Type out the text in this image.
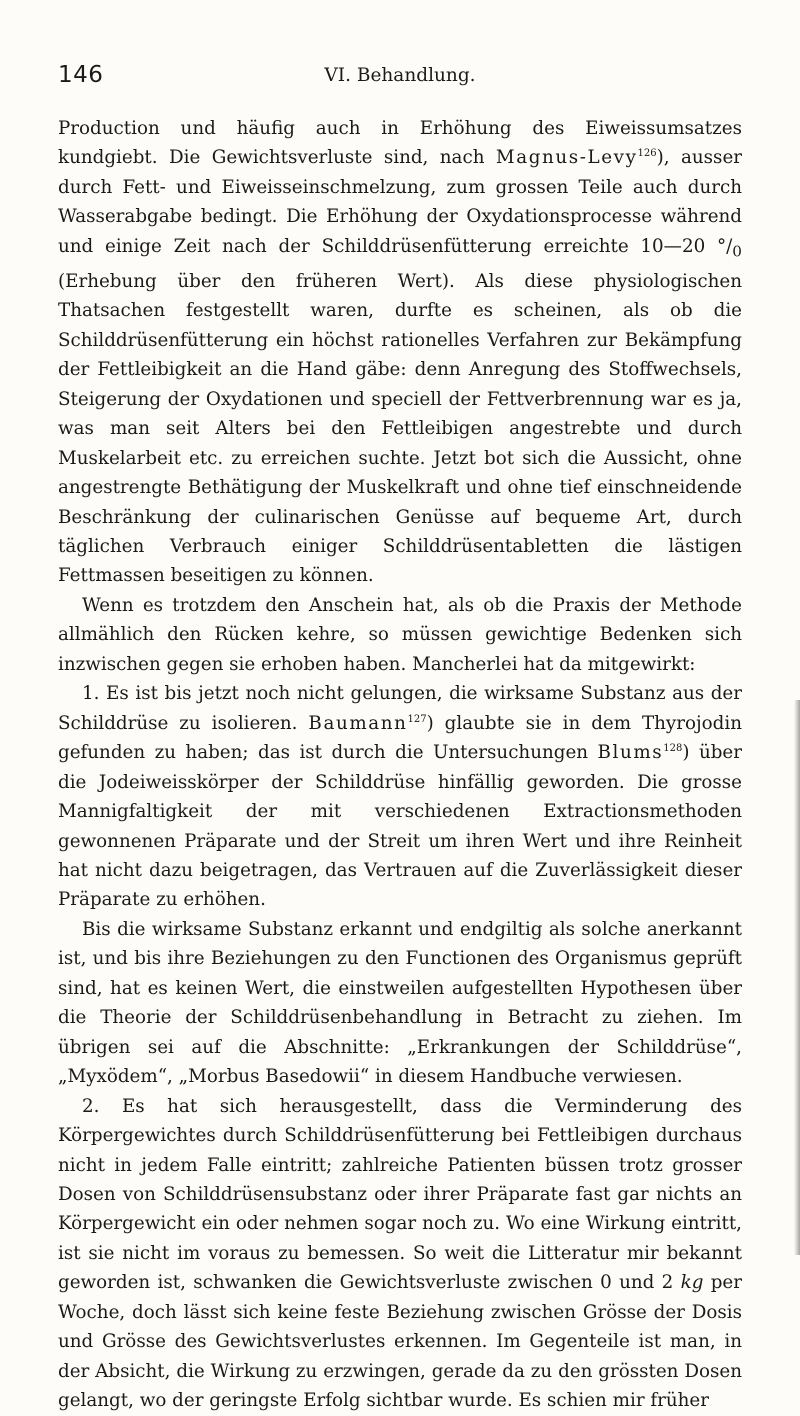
146	VI. Behandlung.

Production und häufig auch in Erhöhung des Eiweissumsatzes kundgiebt. Die Gewichtsverluste sind, nach Magnus-Levy$^{126}$), ausser durch Fett- und Eiweisseinschmelzung, zum grossen Teile auch durch Wasserabgabe bedingt. Die Erhöhung der Oxydationsprocesse während und einige Zeit nach der Schilddrüsenfütterung erreichte 10—20 $^\circ/_0$ (Erhebung über den früheren Wert). Als diese physiologischen Thatsachen festgestellt waren, durfte es scheinen, als ob die Schilddrüsenfütterung ein höchst rationelles Verfahren zur Bekämpfung der Fettleibigkeit an die Hand gäbe: denn Anregung des Stoffwechsels, Steigerung der Oxydationen und speciell der Fettverbrennung war es ja, was man seit Alters bei den Fettleibigen angestrebte und durch Muskelarbeit etc. zu erreichen suchte. Jetzt bot sich die Aussicht, ohne angestrengte Bethätigung der Muskelkraft und ohne tief einschneidende Beschränkung der culinarischen Genüsse auf bequeme Art, durch täglichen Verbrauch einiger Schilddrüsentabletten die lästigen Fettmassen beseitigen zu können.

Wenn es trotzdem den Anschein hat, als ob die Praxis der Methode allmählich den Rücken kehre, so müssen gewichtige Bedenken sich inzwischen gegen sie erhoben haben. Mancherlei hat da mitgewirkt:

1. Es ist bis jetzt noch nicht gelungen, die wirksame Substanz aus der Schilddrüse zu isolieren. Baumann$^{127}$) glaubte sie in dem Thyrojodin gefunden zu haben; das ist durch die Untersuchungen Blums$^{128}$) über die Jodeiweisskörper der Schilddrüse hinfällig geworden. Die grosse Mannigfaltigkeit der mit verschiedenen Extractionsmethoden gewonnenen Präparate und der Streit um ihren Wert und ihre Reinheit hat nicht dazu beigetragen, das Vertrauen auf die Zuverlässigkeit dieser Präparate zu erhöhen.

Bis die wirksame Substanz erkannt und endgiltig als solche anerkannt ist, und bis ihre Beziehungen zu den Functionen des Organismus geprüft sind, hat es keinen Wert, die einstweilen aufgestellten Hypothesen über die Theorie der Schilddrüsenbehandlung in Betracht zu ziehen. Im übrigen sei auf die Abschnitte: „Erkrankungen der Schilddrüse“, „Myxödem“, „Morbus Basedowii“ in diesem Handbuche verwiesen.

2. Es hat sich herausgestellt, dass die Verminderung des Körpergewichtes durch Schilddrüsenfütterung bei Fettleibigen durchaus nicht in jedem Falle eintritt; zahlreiche Patienten büssen trotz grosser Dosen von Schilddrüsensubstanz oder ihrer Präparate fast gar nichts an Körpergewicht ein oder nehmen sogar noch zu. Wo eine Wirkung eintritt, ist sie nicht im voraus zu bemessen. So weit die Litteratur mir bekannt geworden ist, schwanken die Gewichtsverluste zwischen 0 und 2 kg per Woche, doch lässt sich keine feste Beziehung zwischen Grösse der Dosis und Grösse des Gewichtsverlustes erkennen. Im Gegenteile ist man, in der Absicht, die Wirkung zu erzwingen, gerade da zu den grössten Dosen gelangt, wo der geringste Erfolg sichtbar wurde. Es schien mir früher
